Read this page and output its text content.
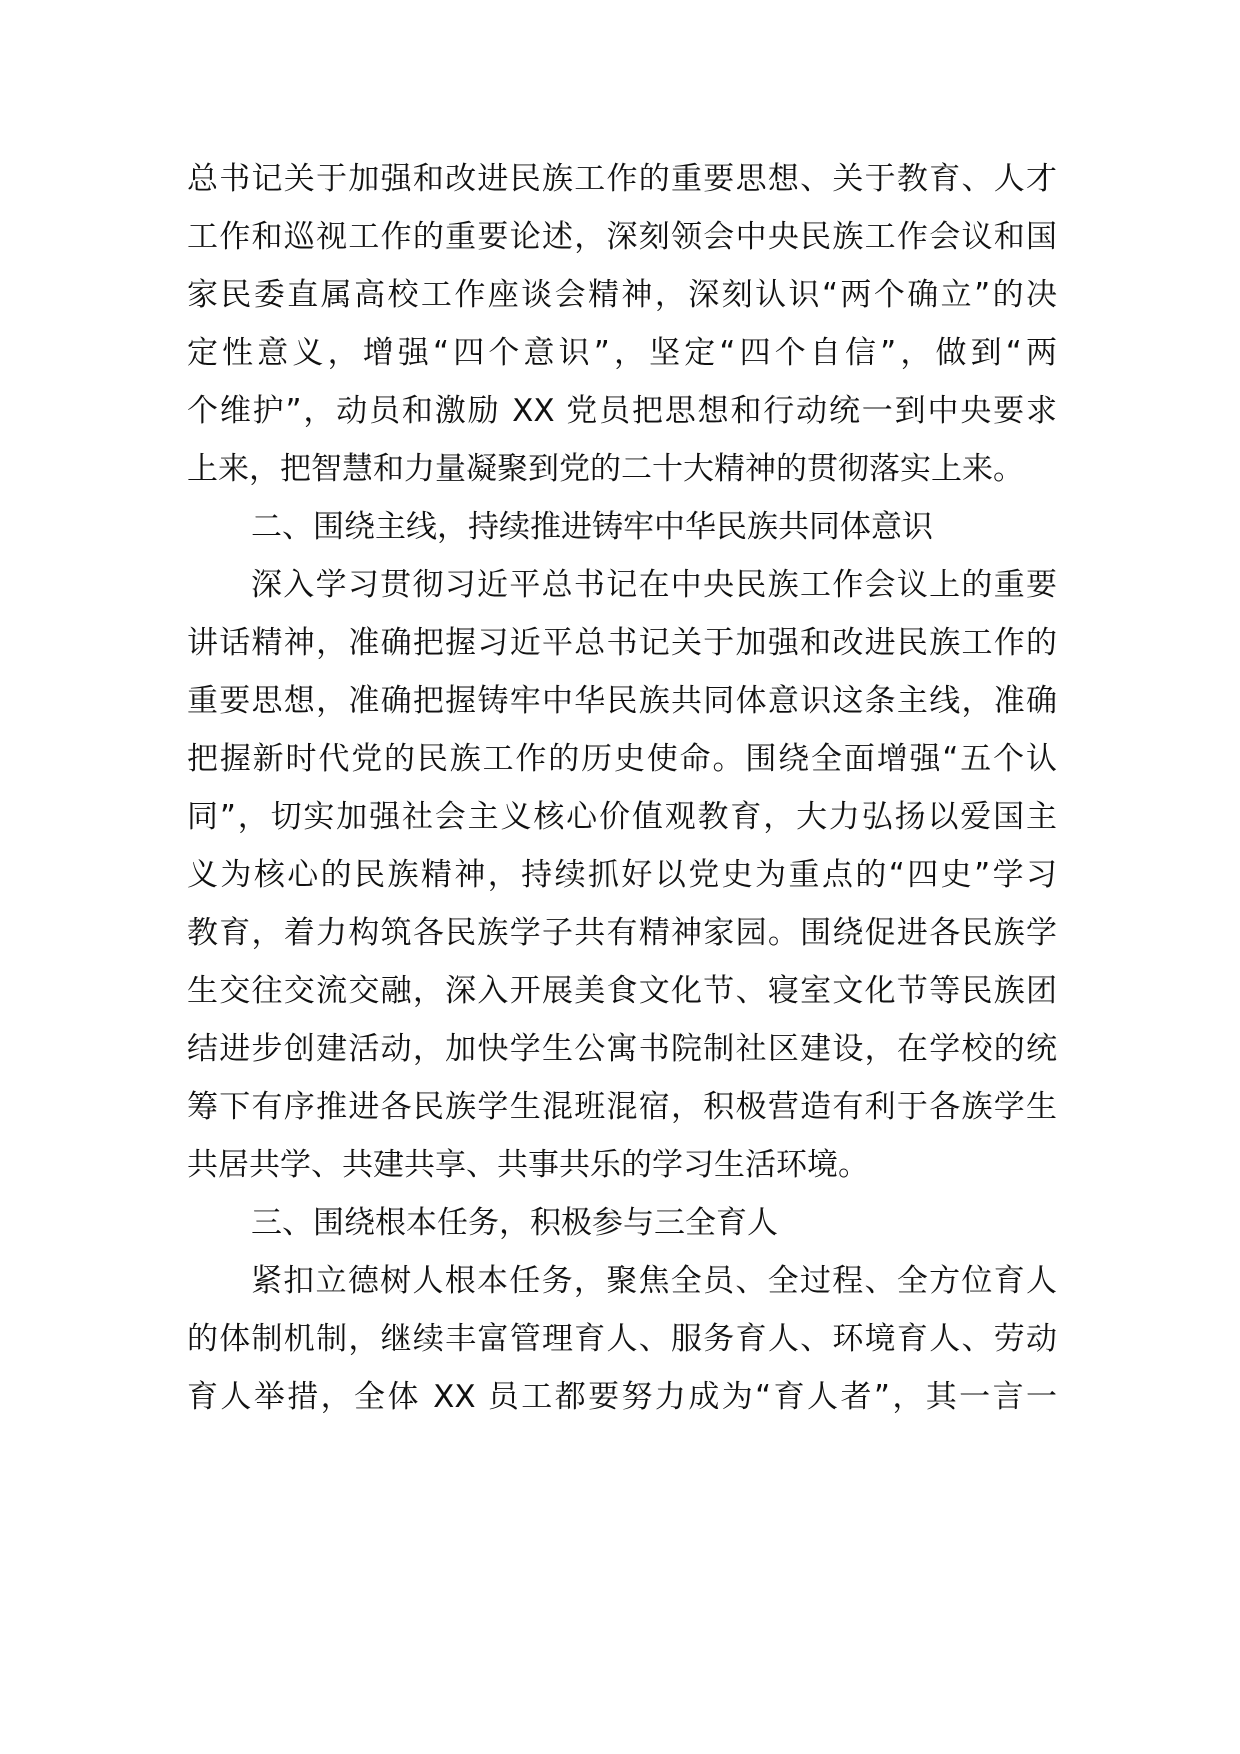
总书记关于加强和改进民族工作的重要思想、关于教育、人才
工作和巡视工作的重要论述，深刻领会中央民族工作会议和国
家民委直属高校工作座谈会精神，深刻认识“两个确立”的决
定性意义，增强“四个意识”，坚定“四个自信”，做到“两
个维护”，动员和激励 XX 党员把思想和行动统一到中央要求
上来，把智慧和力量凝聚到党的二十大精神的贯彻落实上来。
二、围绕主线，持续推进铸牢中华民族共同体意识
深入学习贯彻习近平总书记在中央民族工作会议上的重要
讲话精神，准确把握习近平总书记关于加强和改进民族工作的
重要思想，准确把握铸牢中华民族共同体意识这条主线，准确
把握新时代党的民族工作的历史使命。围绕全面增强“五个认
同”，切实加强社会主义核心价值观教育，大力弘扬以爱国主
义为核心的民族精神，持续抓好以党史为重点的“四史”学习
教育，着力构筑各民族学子共有精神家园。围绕促进各民族学
生交往交流交融，深入开展美食文化节、寝室文化节等民族团
结进步创建活动，加快学生公寓书院制社区建设，在学校的统
筹下有序推进各民族学生混班混宿，积极营造有利于各族学生
共居共学、共建共享、共事共乐的学习生活环境。
三、围绕根本任务，积极参与三全育人
紧扣立德树人根本任务，聚焦全员、全过程、全方位育人
的体制机制，继续丰富管理育人、服务育人、环境育人、劳动
育人举措，全体 XX 员工都要努力成为“育人者”，其一言一
